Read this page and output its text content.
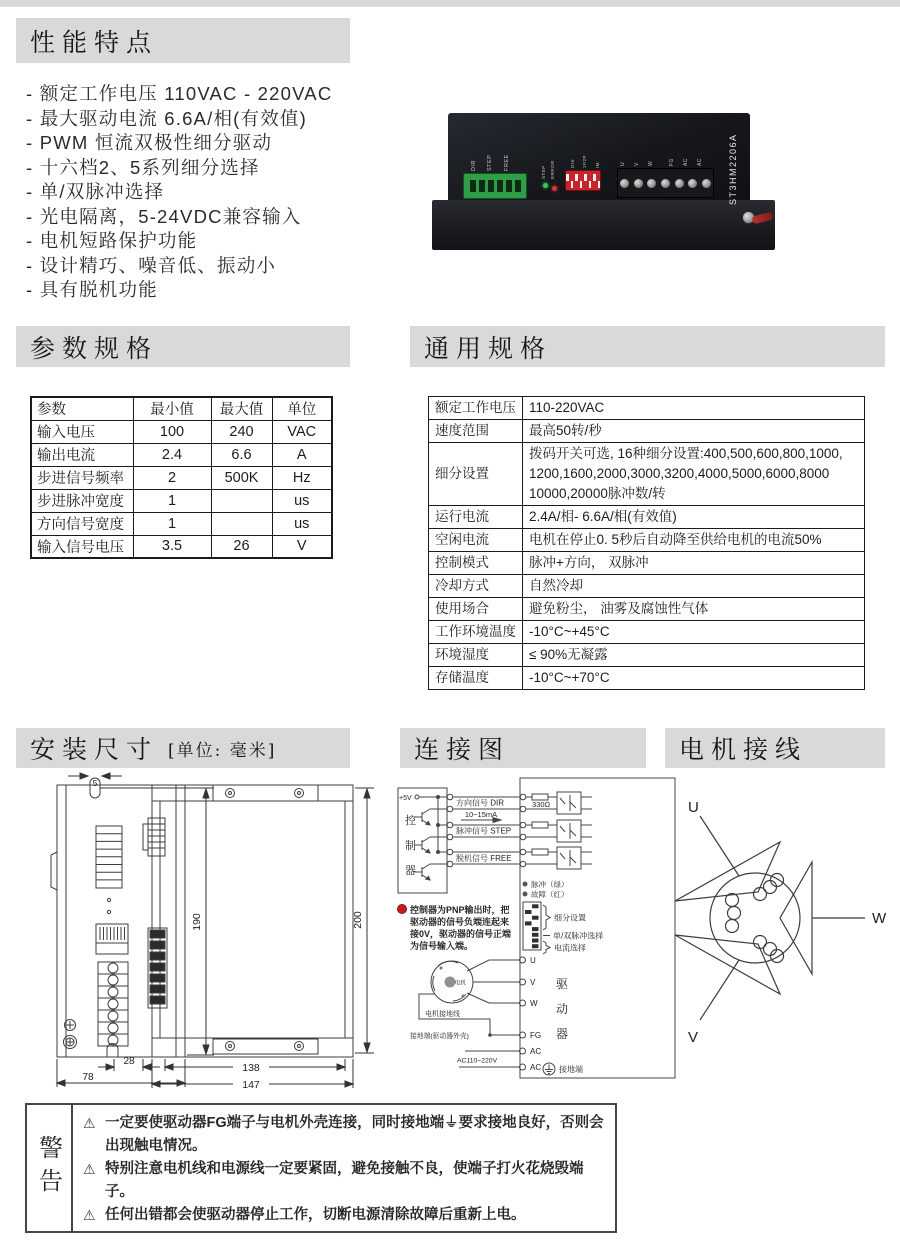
性能特点
参数规格	通用规格
安装尺寸 [单位: 毫米]	连接图	电机接线
- 额定工作电压 110VAC - 220VAC
- 最大驱动电流 6.6A/相(有效值)
- PWM 恒流双极性细分驱动
- 十六档2、5系列细分选择
- 单/双脉冲选择
- 光电隔离，5-24VDC兼容输入
- 电机短路保护功能
- 设计精巧、噪音低、振动小
- 具有脱机功能
DIR STEP FREE
STEP ERROR	DIV 1P2P IM	U V W	FG AC AC	ST3HM2206A
参数	最小值	最大值	单位
输入电压	100	240	VAC
输出电流	2.4	6.6	A
步进信号频率	2	500K	Hz
步进脉冲宽度	1		us
方向信号宽度	1		us
输入信号电压	3.5	26	V
额定工作电压	110-220VAC
速度范围	最高50转/秒
细分设置	拨码开关可选, 16种细分设置:400,500,600,800,1000, 1200,1600,2000,3000,3200,4000,5000,6000,8000 10000,20000脉冲数/转
运行电流	2.4A/相- 6.6A/相(有效值)
空闲电流	电机在停止0. 5秒后自动降至供给电机的电流50%
控制模式	脉冲+方向， 双脉冲
冷却方式	自然冷却
使用场合	避免粉尘， 油雾及腐蚀性气体
工作环境温度	-10°C~+45°C
环境湿度	≤ 90%无凝露
存储温度	-10°C~+70°C
5
190
28
78
200
138
147
+5V
控
制
器
方向信号 DIR
10~15mA
脉冲信号 STEP
脱机信号 FREE
330Ω
脉冲（绿）
故障（红）
细分设置
单/双脉冲选择
电流选择
U
V
W
FG
AC
AC
驱
动
器
电机
电机接地线
接地端(驱动器外壳)
AC110~220V
接地端
控制器为PNP输出时，把
驱动器的信号负端连起来
接0V，驱动器的信号正端
为信号输入端。
U
V
W
警告
⚠ 一定要使驱动器FG端子与电机外壳连接，同时接地端⏚要求接地良好，否则会出现触电情况。
⚠ 特别注意电机线和电源线一定要紧固，避免接触不良，使端子打火花烧毁端子。
⚠ 任何出错都会使驱动器停止工作，切断电源清除故障后重新上电。
